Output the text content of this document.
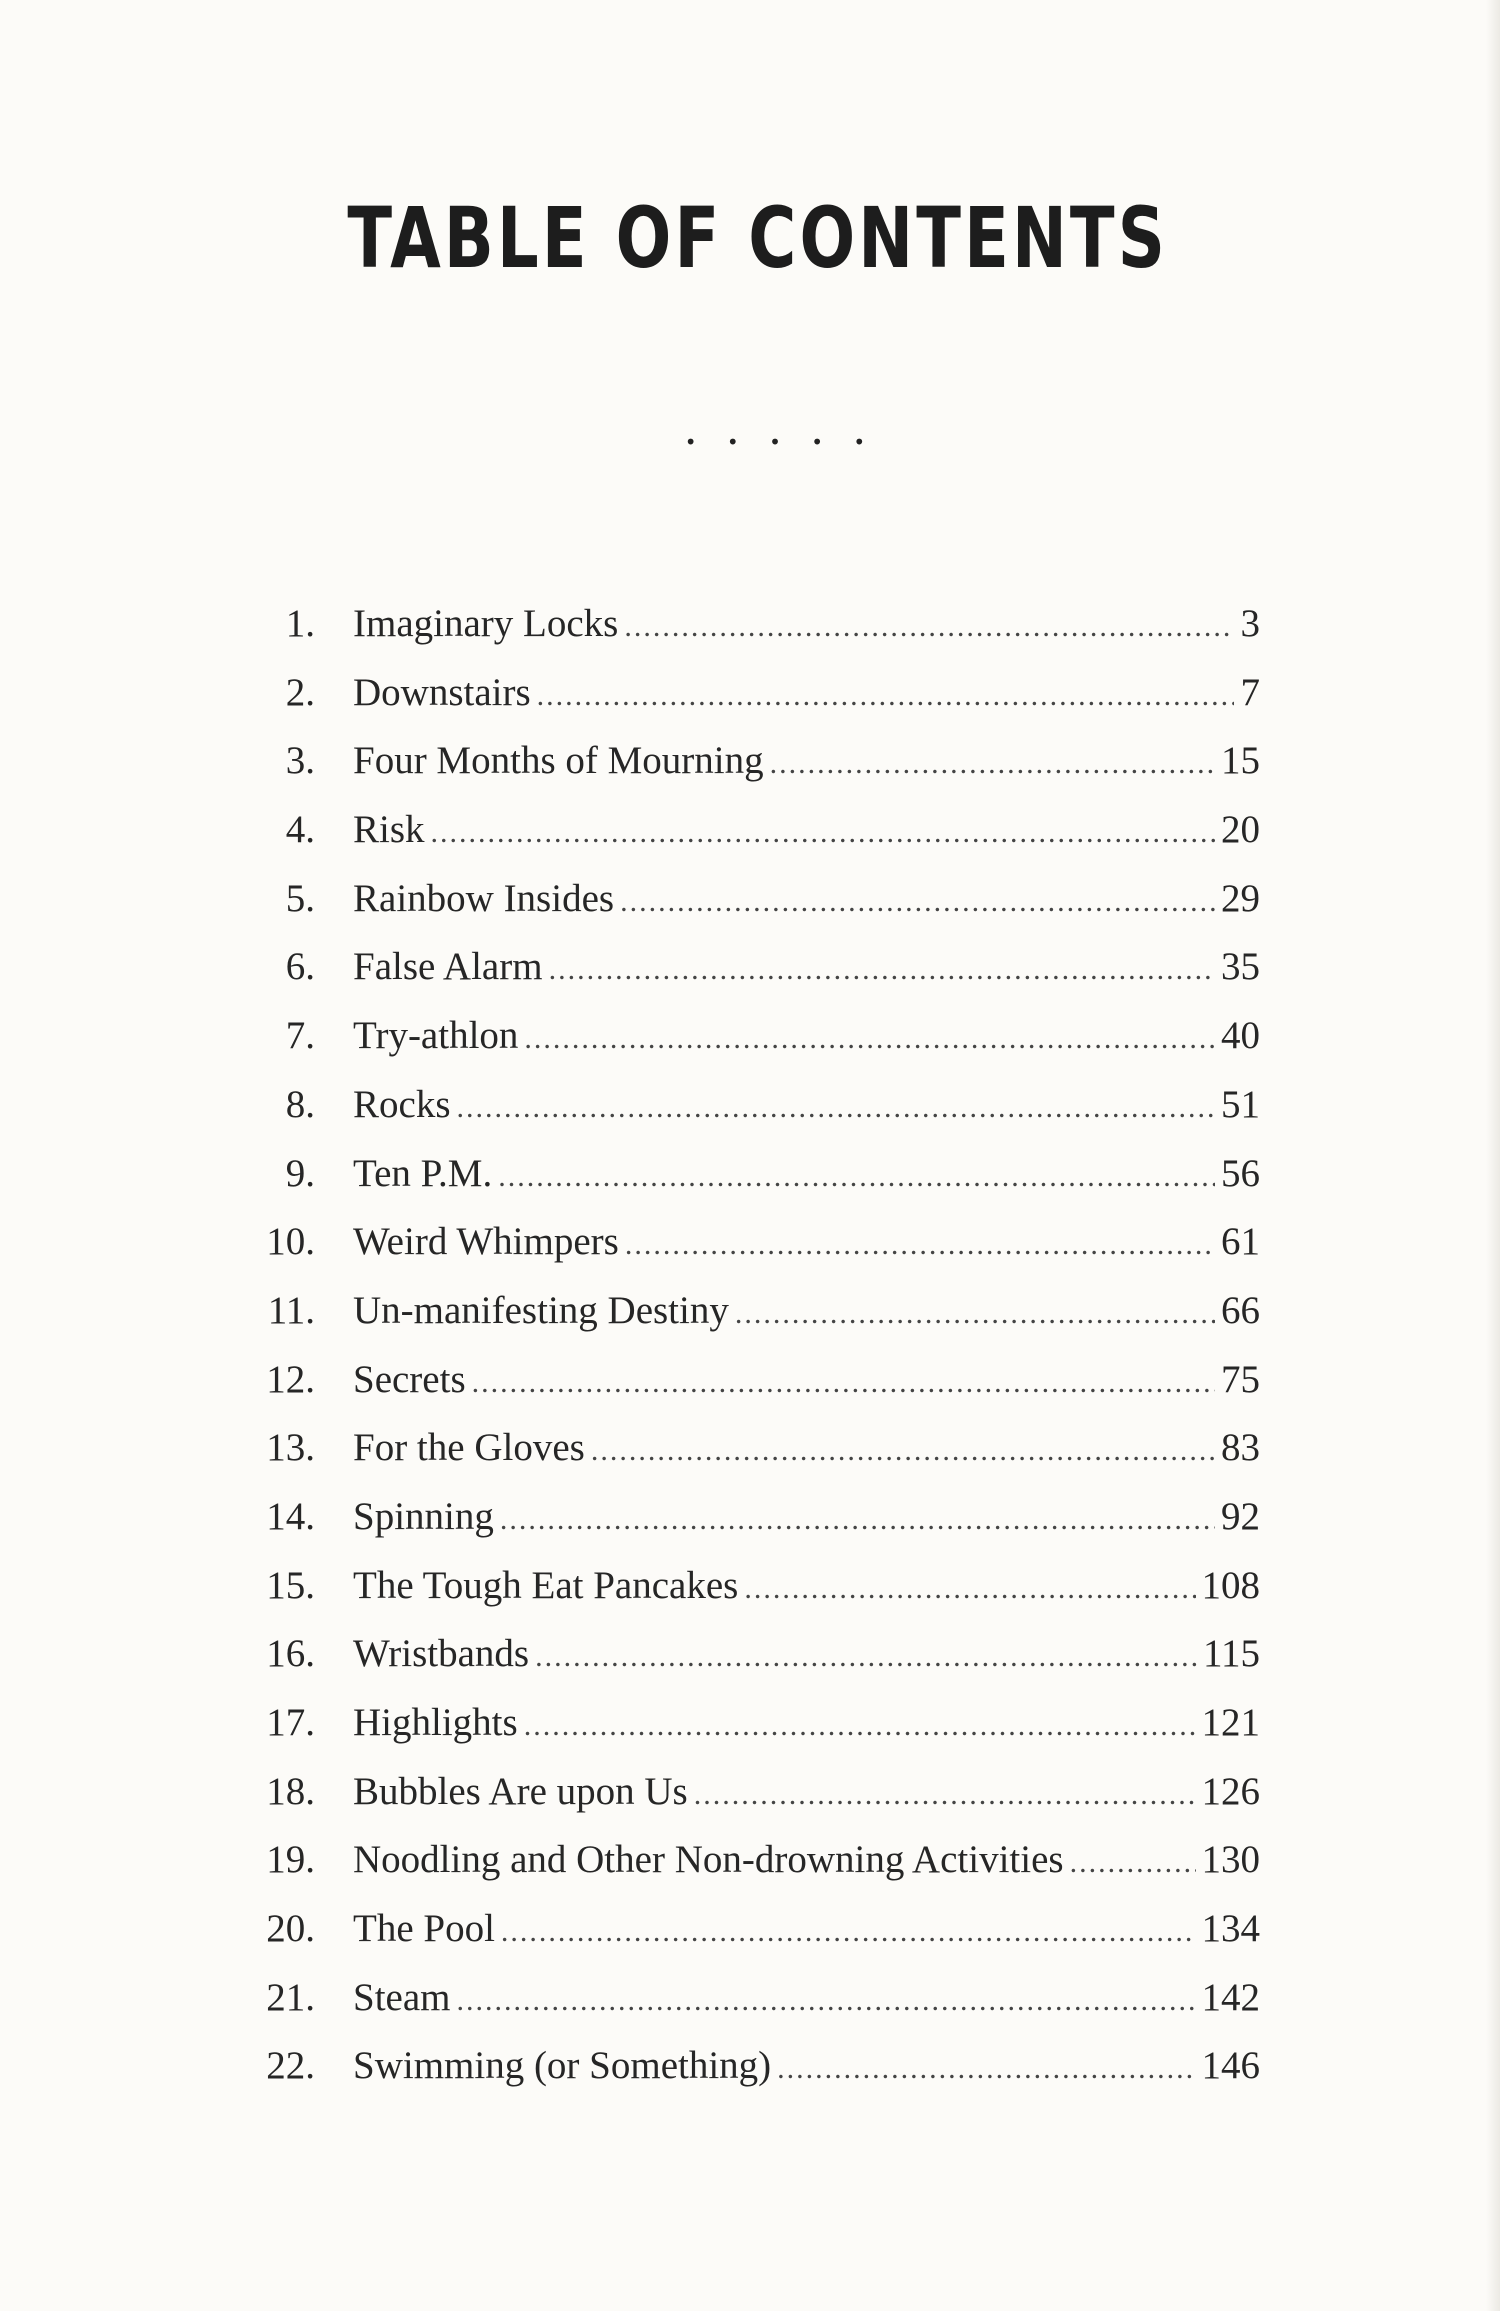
TABLE OF CONTENTS
• • • • •
1. Imaginary Locks .....	3
2. Downstairs .....	7
3. Four Months of Mourning .....	15
4. Risk .....	20
5. Rainbow Insides .....	29
6. False Alarm .....	35
7. Try-athlon .....	40
8. Rocks .....	51
9. Ten P.M. .....	56
10. Weird Whimpers .....	61
11. Un-manifesting Destiny .....	66
12. Secrets .....	75
13. For the Gloves .....	83
14. Spinning .....	92
15. The Tough Eat Pancakes .....	108
16. Wristbands .....	115
17. Highlights .....	121
18. Bubbles Are upon Us .....	126
19. Noodling and Other Non-drowning Activities .....	130
20. The Pool .....	134
21. Steam .....	142
22. Swimming (or Something) .....	146
